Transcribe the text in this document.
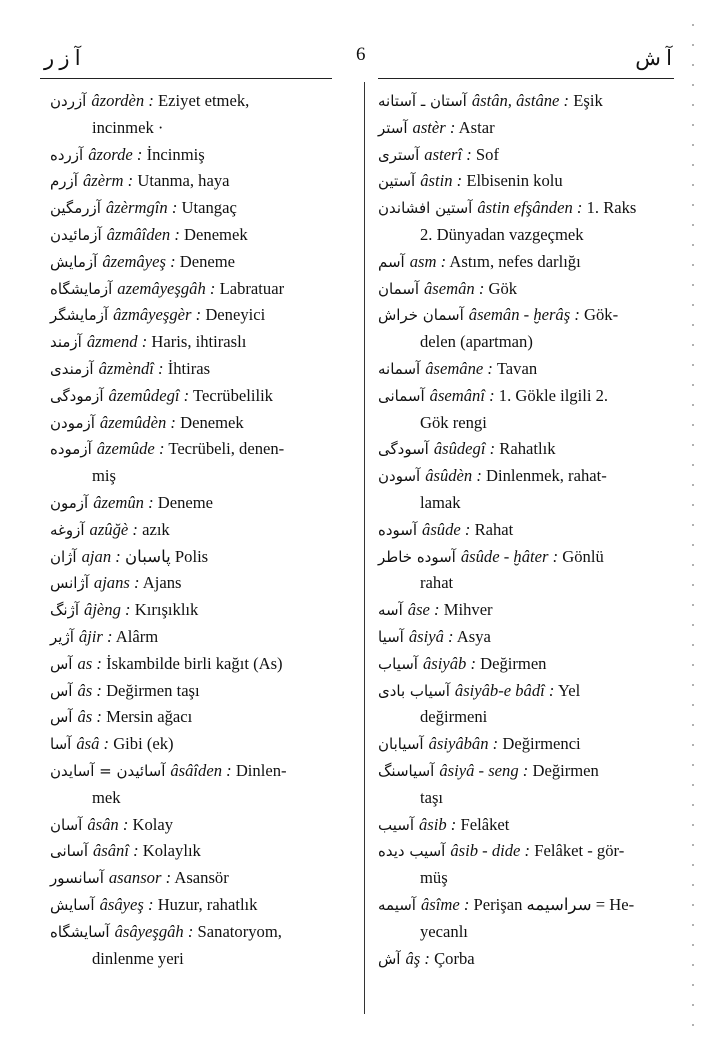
آ ز ر	6	آ ش
آزردن âzordèn : Eziyet etmek,
incinmek ·
آزرده âzorde : İncinmiş
آزرم âzèrm : Utanma, haya
آزرمگين âzèrmgîn : Utangaç
آزمائيدن âzmâîden : Denemek
آزمايش âzemâyeş : Deneme
آزمايشگاه azemâyeşgâh : Labratuar
آزمايشگر âzmâyeşgèr : Deneyici
آزمند âzmend : Haris, ihtiraslı
آزمندى âzmèndî : İhtiras
آزمودگى âzemûdegî : Tecrübelilik
آزمودن âzemûdèn : Denemek
آزموده âzemûde : Tecrübeli, denen-
miş
آزمون âzemûn : Deneme
آزوغه azûğè : azık
آژان ajan : پاسبان Polis
آژانس ajans : Ajans
آژنگ âjèng : Kırışıklık
آژير âjir : Alârm
آس as : İskambilde birli kağıt (As)
آس âs : Değirmen taşı
آس âs : Mersin ağacı
آسا âsâ : Gibi (ek)
آسائيدن = آسايدن âsâîden : Dinlen-
mek
آسان âsân : Kolay
آسانى âsânî : Kolaylık
آسانسور asansor : Asansör
آسايش âsâyeş : Huzur, rahatlık
آسايشگاه âsâyeşgâh : Sanatoryom,
dinlenme yeri
آستان ـ آستانه âstân, âstâne : Eşik
آستر astèr : Astar
آسترى asterî : Sof
آستين âstin : Elbisenin kolu
آستين افشاندن âstin efşânden : 1. Raks
2. Dünyadan vazgeçmek
آسم asm : Astım, nefes darlığı
آسمان âsemân : Gök
آسمان خراش âsemân - ḫerâş : Gök-
delen (apartman)
آسمانه âsemâne : Tavan
آسمانى âsemânî : 1. Gökle ilgili 2.
Gök rengi
آسودگى âsûdegî : Rahatlık
آسودن âsûdèn : Dinlenmek, rahat-
lamak
آسوده âsûde : Rahat
آسوده خاطر âsûde - ḫâter : Gönlü
rahat
آسه âse : Mihver
آسيا âsiyâ : Asya
آسياب âsiyâb : Değirmen
آسياب بادى âsiyâb-e bâdî : Yel
değirmeni
آسيابان âsiyâbân : Değirmenci
آسياسنگ âsiyâ - seng : Değirmen
taşı
آسيب âsib : Felâket
آسيب ديده âsib - dide : Felâket - gör-
müş
آسيمه âsîme : Perişan سراسيمه = He-
yecanlı
آش âş : Çorba
